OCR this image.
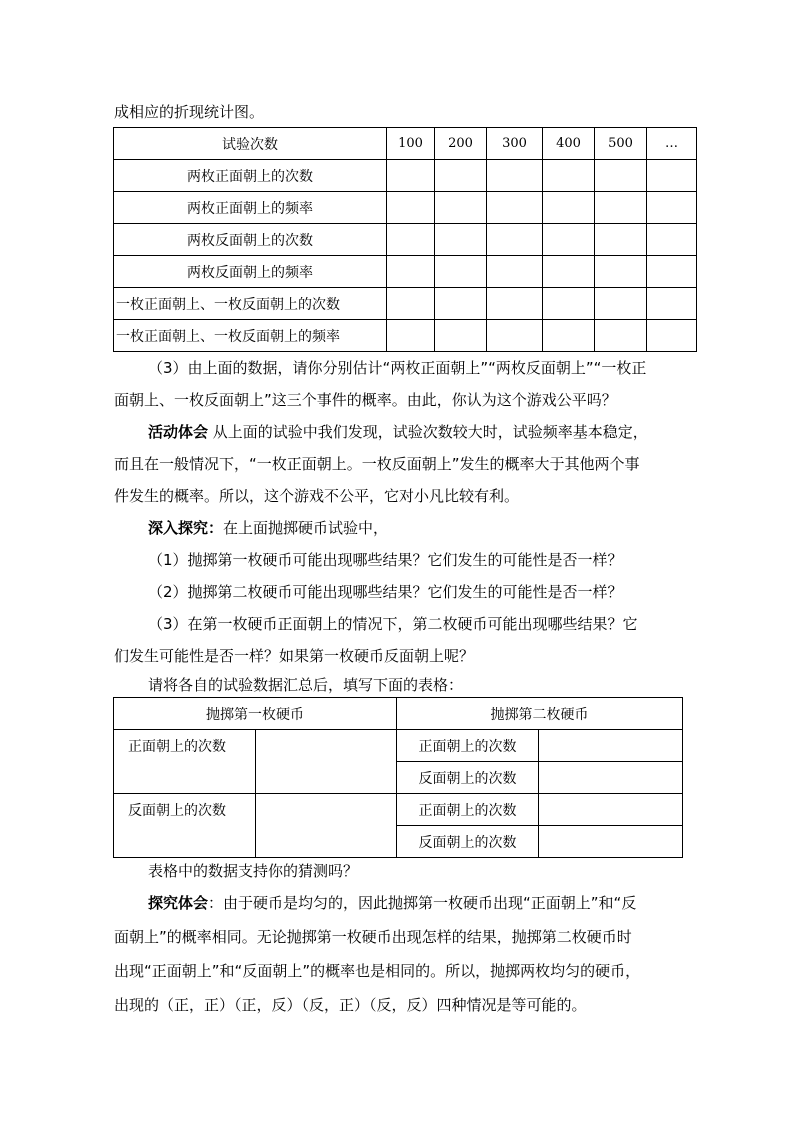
成相应的折现统计图。
试验次数	100	200	300	400	500	…
两枚正面朝上的次数						
两枚正面朝上的频率						
两枚反面朝上的次数						
两枚反面朝上的频率						
一枚正面朝上、一枚反面朝上的次数						
一枚正面朝上、一枚反面朝上的频率						
（3）由上面的数据，请你分别估计“两枚正面朝上”“两枚反面朝上”“一枚正
面朝上、一枚反面朝上”这三个事件的概率。由此，你认为这个游戏公平吗？
活动体会 从上面的试验中我们发现，试验次数较大时，试验频率基本稳定，
而且在一般情况下，“一枚正面朝上。一枚反面朝上”发生的概率大于其他两个事
件发生的概率。所以，这个游戏不公平，它对小凡比较有利。
深入探究：在上面抛掷硬币试验中，
（1）抛掷第一枚硬币可能出现哪些结果？它们发生的可能性是否一样？
（2）抛掷第二枚硬币可能出现哪些结果？它们发生的可能性是否一样？
（3）在第一枚硬币正面朝上的情况下，第二枚硬币可能出现哪些结果？它
们发生可能性是否一样？如果第一枚硬币反面朝上呢？
请将各自的试验数据汇总后，填写下面的表格：
抛掷第一枚硬币		抛掷第二枚硬币	
正面朝上的次数		正面朝上的次数	
		反面朝上的次数	
反面朝上的次数		正面朝上的次数	
		反面朝上的次数	
表格中的数据支持你的猜测吗？
探究体会：由于硬币是均匀的，因此抛掷第一枚硬币出现“正面朝上”和“反
面朝上”的概率相同。无论抛掷第一枚硬币出现怎样的结果，抛掷第二枚硬币时
出现“正面朝上”和“反面朝上”的概率也是相同的。所以，抛掷两枚均匀的硬币，
出现的（正，正）（正，反）（反，正）（反，反）四种情况是等可能的。
